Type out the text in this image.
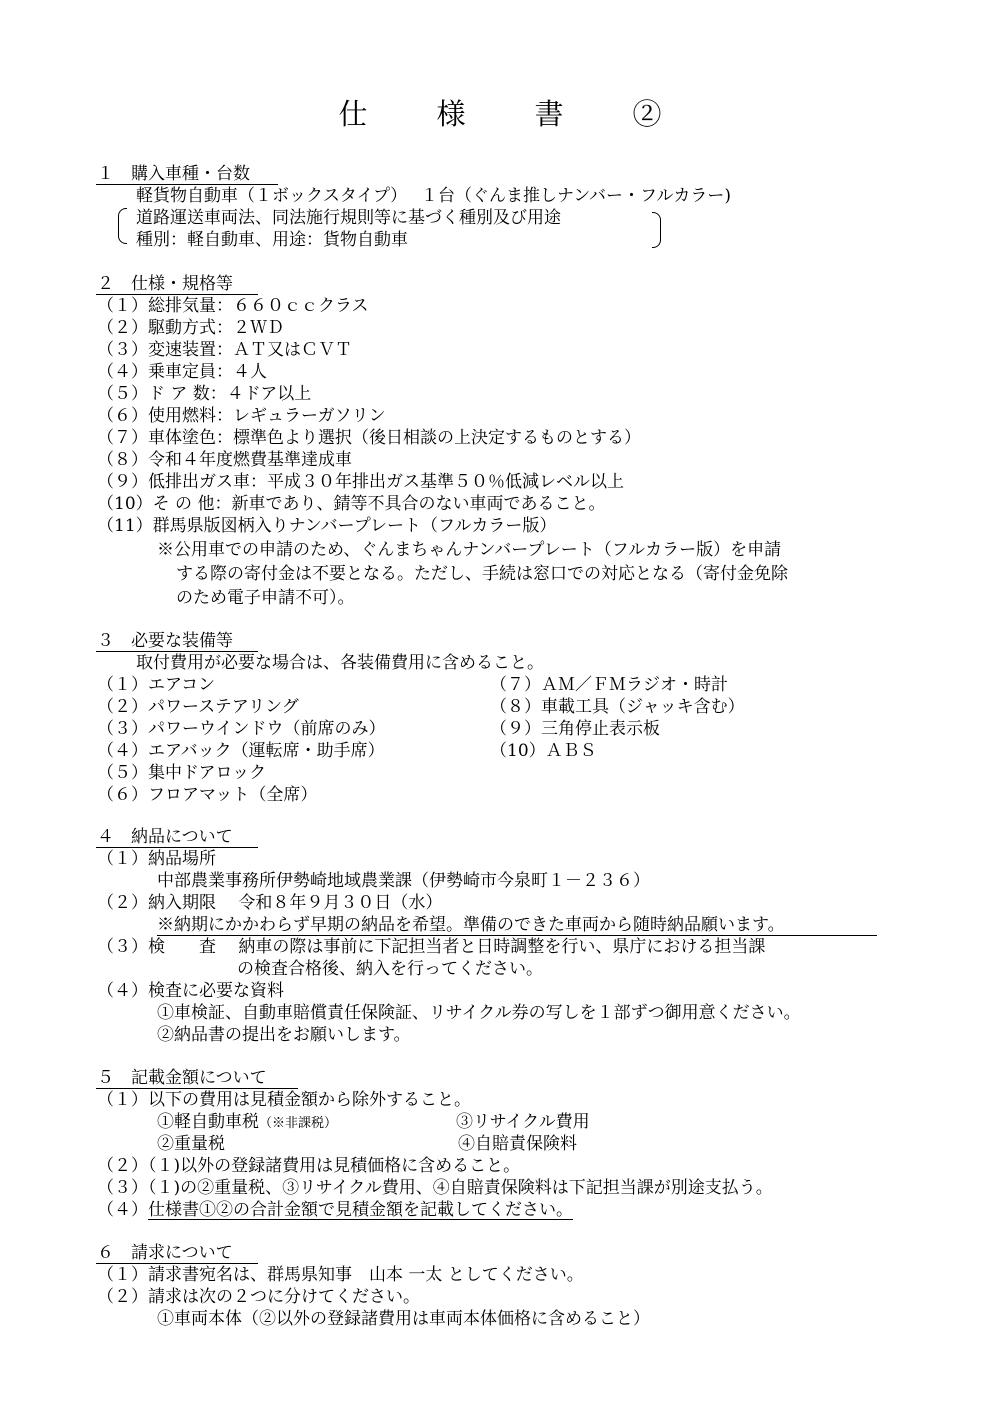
仕　様　書　②
１　購入車種・台数
軽貨物自動車（１ボックスタイプ）　 １台（ぐんま推しナンバー・フルカラー)
道路運送車両法、同法施行規則等に基づく種別及び用途
種別：軽自動車、用途：貨物自動車
２　仕様・規格等
（１）総排気量：６６０ｃｃクラス
（２）駆動方式：２ＷＤ
（３）変速装置：ＡＴ又はＣＶＴ
（４）乗車定員：４人
（５）ド ア 数：４ドア以上
（６）使用燃料：レギュラーガソリン
（７）車体塗色：標準色より選択（後日相談の上決定するものとする）
（８）令和４年度燃費基準達成車
（９）低排出ガス車：平成３０年排出ガス基準５０％低減レベル以上
（10）そ の 他：新車であり、錆等不具合のない車両であること。
（11）群馬県版図柄入りナンバープレート（フルカラー版）
※公用車での申請のため、ぐんまちゃんナンバープレート（フルカラー版）を申請
する際の寄付金は不要となる。ただし、手続は窓口での対応となる（寄付金免除
のため電子申請不可）。
３　必要な装備等
取付費用が必要な場合は、各装備費用に含めること。
（１）エアコン
（２）パワーステアリング
（３）パワーウインドウ（前席のみ）
（４）エアバック（運転席・助手席）
（５）集中ドアロック
（６）フロアマット（全席）
（７）ＡＭ／ＦＭラジオ・時計
（８）車載工具（ジャッキ含む）
（９）三角停止表示板
（10）ＡＢＳ
４　納品について
（１）納品場所
中部農業事務所伊勢崎地域農業課（伊勢崎市今泉町１－２３６）
（２）納入期限　 令和８年９月３０日（水）
※納期にかかわらず早期の納品を希望。準備のできた車両から随時納品願います。
（３）検　　査　 納車の際は事前に下記担当者と日時調整を行い、県庁における担当課
の検査合格後、納入を行ってください。
（４）検査に必要な資料
①車検証、自動車賠償責任保険証、リサイクル券の写しを１部ずつ御用意ください。
②納品書の提出をお願いします。
５　記載金額について
（１）以下の費用は見積金額から除外すること。
①軽自動車税（※非課税）	③リサイクル費用
②重量税	④自賠責保険料
（２）（１)以外の登録諸費用は見積価格に含めること。
（３）（１)の②重量税、③リサイクル費用、④自賠責保険料は下記担当課が別途支払う。
（４）仕様書①②の合計金額で見積金額を記載してください。
６　請求について
（１）請求書宛名は、群馬県知事　山本 一太 としてください。
（２）請求は次の２つに分けてください。
①車両本体（②以外の登録諸費用は車両本体価格に含めること）
